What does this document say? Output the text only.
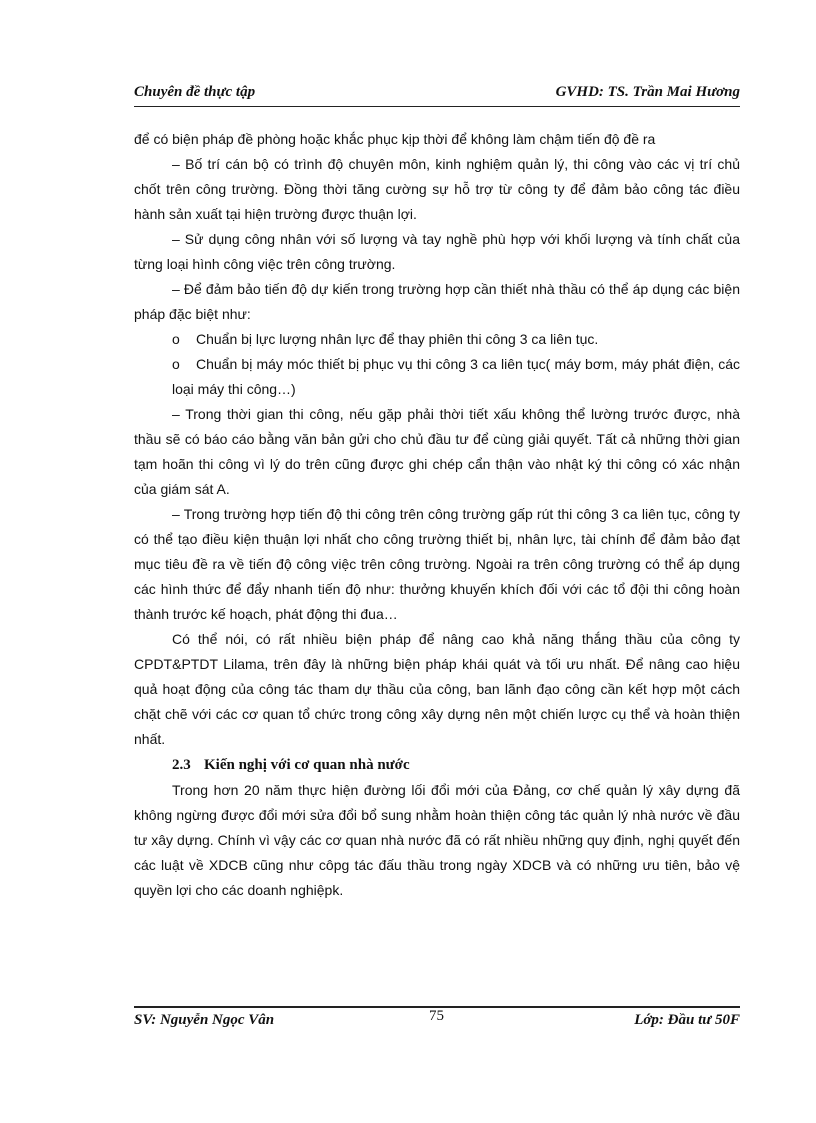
Chuyên đề thực tập	GVHD: TS. Trần Mai Hương

để có biện pháp đề phòng hoặc khắc phục kịp thời để không làm chậm tiến độ đề ra

– Bố trí cán bộ có trình độ chuyên môn, kinh nghiệm quản lý, thi công vào các vị trí chủ chốt trên công trường. Đồng thời tăng cường sự hỗ trợ từ công ty để đảm bảo công tác điều hành sản xuất tại hiện trường được thuận lợi.

– Sử dụng công nhân với số lượng và tay nghề phù hợp với khối lượng và tính chất của từng loại hình công việc trên công trường.

– Để đảm bảo tiến độ dự kiến trong trường hợp cần thiết nhà thầu có thể áp dụng các biện pháp đặc biệt như:

o Chuẩn bị lực lượng nhân lực để thay phiên thi công 3 ca liên tục.

o Chuẩn bị máy móc thiết bị phục vụ thi công 3 ca liên tục( máy bơm, máy phát điện, các loại máy thi công…)

– Trong thời gian thi công, nếu gặp phải thời tiết xấu không thể lường trước được, nhà thầu sẽ có báo cáo bằng văn bản gửi cho chủ đầu tư để cùng giải quyết. Tất cả những thời gian tạm hoãn thi công vì lý do trên cũng được ghi chép cẩn thận vào nhật ký thi công có xác nhận của giám sát A.

– Trong trường hợp tiến độ thi công trên công trường gấp rút thi công 3 ca liên tục, công ty có thể tạo điều kiện thuận lợi nhất cho công trường thiết bị, nhân lực, tài chính để đảm bảo đạt mục tiêu đề ra về tiến độ công việc trên công trường. Ngoài ra trên công trường có thể áp dụng các hình thức để đẩy nhanh tiến độ như: thưởng khuyến khích đối với các tổ đội thi công hoàn thành trước kế hoạch, phát động thi đua…

Có thể nói, có rất nhiều biện pháp để nâng cao khả năng thắng thầu của công ty CPDT&PTDT Lilama, trên đây là những biện pháp khái quát và tối ưu nhất. Để nâng cao hiệu quả hoạt động của công tác tham dự thầu của công, ban lãnh đạo công cần kết hợp một cách chặt chẽ với các cơ quan tổ chức trong công xây dựng nên một chiến lược cụ thể và hoàn thiện nhất.

2.3 Kiến nghị với cơ quan nhà nước

Trong hơn 20 năm thực hiện đường lối đổi mới của Đảng, cơ chế quản lý xây dựng đã không ngừng được đổi mới sửa đổi bổ sung nhằm hoàn thiện công tác quản lý nhà nước về đầu tư xây dựng. Chính vì vậy các cơ quan nhà nước đã có rất nhiều những quy định, nghị quyết đến các luật về XDCB cũng như côpg tác đấu thầu trong ngày XDCB và có những ưu tiên, bảo vệ quyền lợi cho các doanh nghiệpk.

SV: Nguyễn Ngọc Vân	75	Lớp: Đầu tư 50F
